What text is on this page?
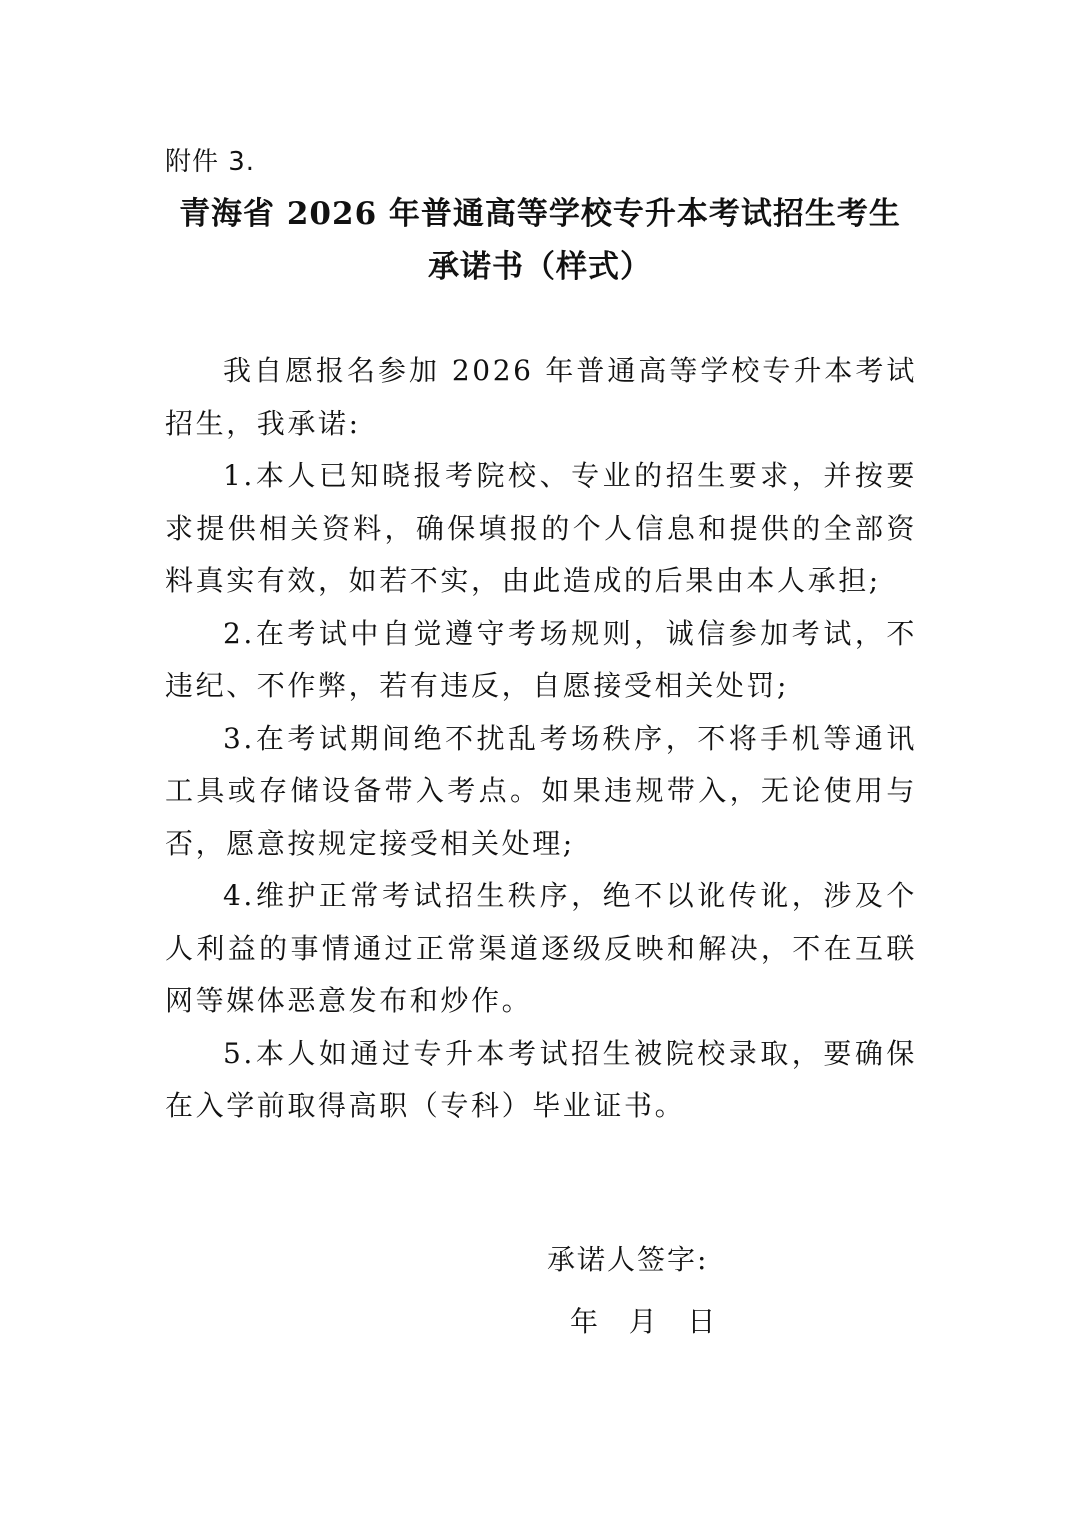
附件 3.
青海省 2026 年普通高等学校专升本考试招生考生
承诺书（样式）

我自愿报名参加 2026 年普通高等学校专升本考试招生，我承诺:

1.本人已知晓报考院校、专业的招生要求，并按要求提供相关资料，确保填报的个人信息和提供的全部资料真实有效，如若不实，由此造成的后果由本人承担;

2.在考试中自觉遵守考场规则，诚信参加考试，不违纪、不作弊，若有违反，自愿接受相关处罚;

3.在考试期间绝不扰乱考场秩序，不将手机等通讯工具或存储设备带入考点。如果违规带入，无论使用与否，愿意按规定接受相关处理;

4.维护正常考试招生秩序，绝不以讹传讹，涉及个人利益的事情通过正常渠道逐级反映和解决，不在互联网等媒体恶意发布和炒作。

5.本人如通过专升本考试招生被院校录取，要确保在入学前取得高职（专科）毕业证书。

承诺人签字:
年   月   日
